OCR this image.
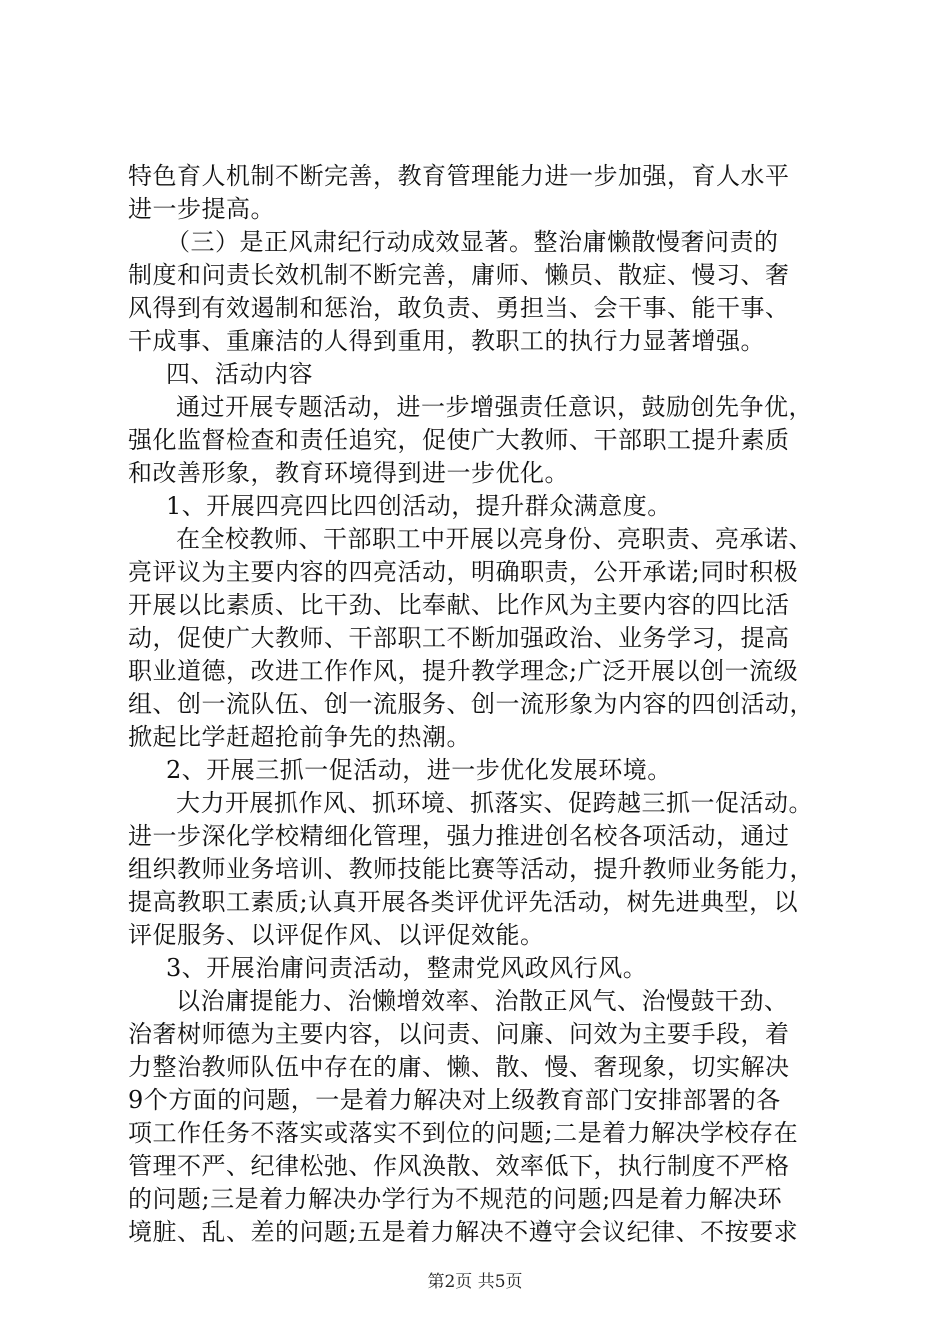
特色育人机制不断完善，教育管理能力进一步加强，育人水平
进一步提高。
（三）是正风肃纪行动成效显著。整治庸懒散慢奢问责的
制度和问责长效机制不断完善，庸师、懒员、散症、慢习、奢
风得到有效遏制和惩治，敢负责、勇担当、会干事、能干事、
干成事、重廉洁的人得到重用，教职工的执行力显著增强。
四、活动内容
通过开展专题活动，进一步增强责任意识，鼓励创先争优，
强化监督检查和责任追究，促使广大教师、干部职工提升素质
和改善形象，教育环境得到进一步优化。
1、开展四亮四比四创活动，提升群众满意度。
在全校教师、干部职工中开展以亮身份、亮职责、亮承诺、
亮评议为主要内容的四亮活动，明确职责，公开承诺;同时积极
开展以比素质、比干劲、比奉献、比作风为主要内容的四比活
动，促使广大教师、干部职工不断加强政治、业务学习，提高
职业道德，改进工作作风，提升教学理念;广泛开展以创一流级
组、创一流队伍、创一流服务、创一流形象为内容的四创活动，
掀起比学赶超抢前争先的热潮。
2、开展三抓一促活动，进一步优化发展环境。
大力开展抓作风、抓环境、抓落实、促跨越三抓一促活动。
进一步深化学校精细化管理，强力推进创名校各项活动，通过
组织教师业务培训、教师技能比赛等活动，提升教师业务能力，
提高教职工素质;认真开展各类评优评先活动，树先进典型，以
评促服务、以评促作风、以评促效能。
3、开展治庸问责活动，整肃党风政风行风。
以治庸提能力、治懒增效率、治散正风气、治慢鼓干劲、
治奢树师德为主要内容，以问责、问廉、问效为主要手段，着
力整治教师队伍中存在的庸、懒、散、慢、奢现象，切实解决
9个方面的问题，一是着力解决对上级教育部门安排部署的各
项工作任务不落实或落实不到位的问题;二是着力解决学校存在
管理不严、纪律松弛、作风涣散、效率低下，执行制度不严格
的问题;三是着力解决办学行为不规范的问题;四是着力解决环
境脏、乱、差的问题;五是着力解决不遵守会议纪律、不按要求
第2页 共5页
